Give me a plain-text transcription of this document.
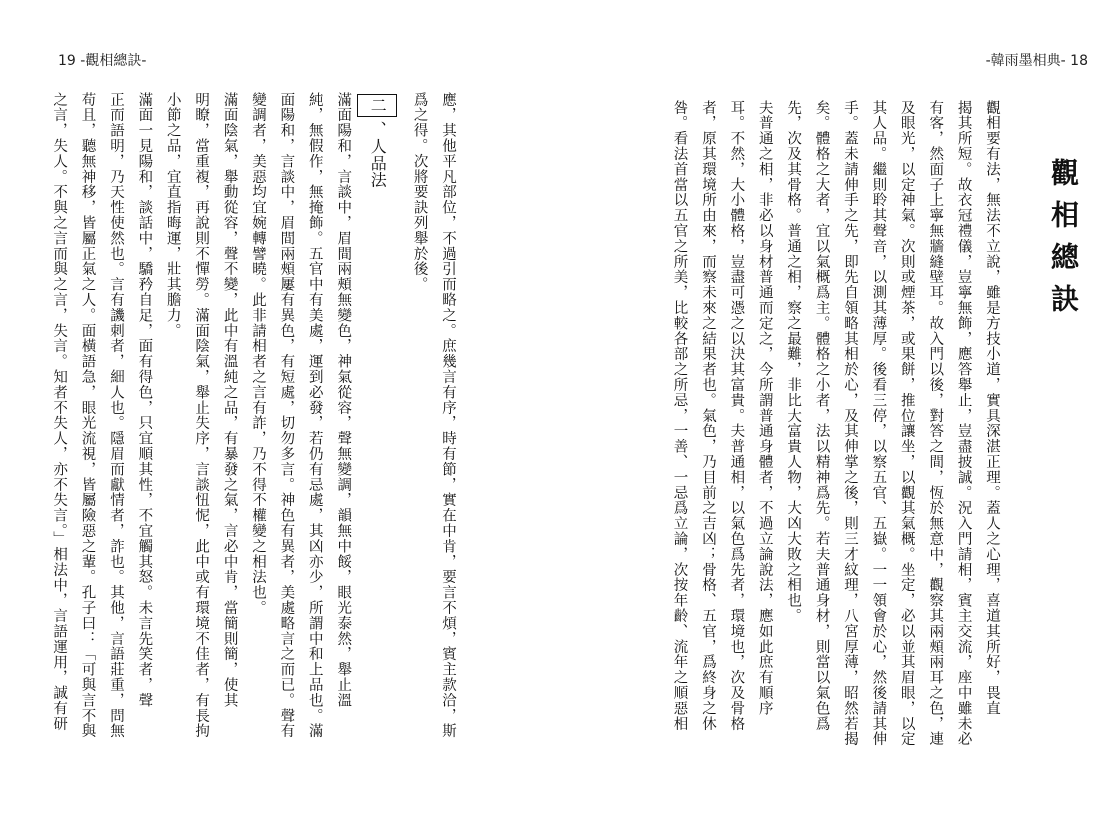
19 -觀相總訣-
應，其他平凡部位，不過引而略之。庶幾言有序，時有節，實在中肯，要言不煩，賓主款洽，斯
爲之得。次將要訣列舉於後。
二、人品法
滿面陽和，言談中，眉間兩頰無變色，神氣從容，聲無變調，韻無中餒，眼光泰然，舉止溫
純，無假作，無掩飾。五官中有美處，運到必發，若仍有忌處，其凶亦少，所謂中和上品也。滿
面陽和，言談中，眉間兩頰屢有異色，有短處，切勿多言。神色有異者，美處略言之而已。聲有
變調者，美惡均宜婉轉譬曉。此非請相者之言有詐，乃不得不權變之相法也。
滿面陰氣，舉動從容，聲不變，此中有溫純之品，有暴發之氣，言必中肯，當簡則簡，使其
明瞭，當重複，再說則不憚勞。滿面陰氣，舉止失序，言談忸怩，此中或有環境不佳者，有長拘
小節之品，宜直指晦運，壯其膽力。
滿面一見陽和，談話中，驕矜自足，面有得色，只宜順其性，不宜觸其怒。未言先笑者，聲
正而語明，乃天性使然也。言有譏刺者，細人也。隱眉而獻情者，詐也。其他，言語莊重，問無
苟且，聽無神移，皆屬正氣之人。面橫語急，眼光流視，皆屬險惡之輩。孔子曰：「可與言不與
之言，失人。不與之言而與之言，失言。知者不失人，亦不失言。」相法中，言語運用，誠有研
-韓雨墨相典- 18
觀相總訣
觀相要有法，無法不立說，雖是方技小道，實具深湛正理。蓋人之心理，喜道其所好，畏直
揭其所短。故衣冠禮儀，豈寧無飾，應答舉止，豈盡披誠。況入門請相，賓主交流，座中雖未必
有客，然面子上寧無牆縫壁耳。故入門以後，對答之間，恆於無意中，觀察其兩頰兩耳之色，連
及眼光，以定神氣。次則或煙茶，或果餅，推位讓坐，以觀其氣概。坐定，必以並其眉眼，以定
其人品。繼則聆其聲音，以測其薄厚。後看三停，以察五官、五嶽。一一領會於心，然後請其伸
手。蓋未請伸手之先，即先自領略其相於心，及其伸掌之後，則三才紋理，八宮厚薄，昭然若揭
矣。體格之大者，宜以氣概爲主。體格之小者，法以精神爲先。若夫普通身材，則當以氣色爲
先，次及其骨格。普通之相，察之最難，非比大富貴人物，大凶大敗之相也。
夫普通之相，非必以身材普通而定之，今所謂普通身體者，不過立論說法，應如此庶有順序
耳。不然，大小體格，豈盡可憑之以決其富貴。夫普通相，以氣色爲先者，環境也，次及骨格
者，原其環境所由來，而察未來之結果者也。氣色，乃目前之吉凶；骨格、五官，爲終身之休
咎。看法首當以五官之所美，比較各部之所忌，一善、一忌爲立論，次按年齡、流年之順惡相
